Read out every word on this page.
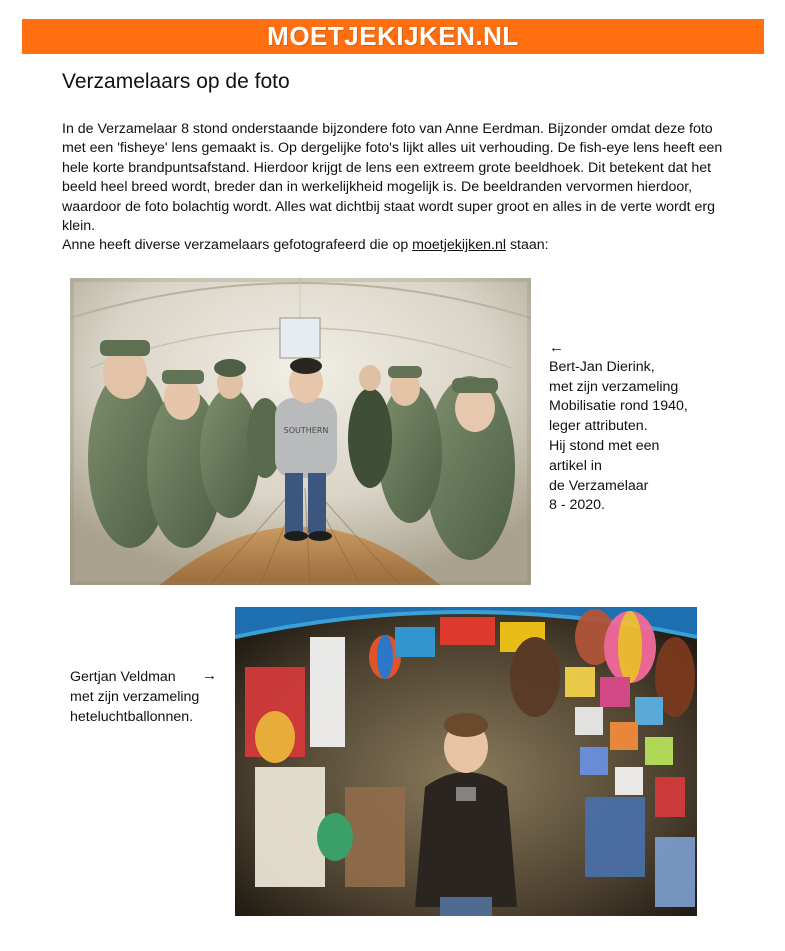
MOETJEKIJKEN.NL
Verzamelaars op de foto

In de Verzamelaar 8 stond onderstaande bijzondere foto van Anne Eerdman. Bijzonder omdat deze foto met een 'fisheye' lens gemaakt is. Op dergelijke foto's lijkt alles uit verhouding. De fish-eye lens heeft een hele korte brandpuntsafstand. Hierdoor krijgt de lens een extreem grote beeldhoek. Dit betekent dat het beeld heel breed wordt, breder dan in werkelijkheid mogelijk is. De beeldranden vervormen hierdoor, waardoor de foto bolachtig wordt. Alles wat dichtbij staat wordt super groot en alles in de verte wordt erg klein.

Anne heeft diverse verzamelaars gefotografeerd die op moetjekijken.nl staan:

SOUTHERN
←
Bert-Jan Dierink,
met zijn verzameling
Mobilisatie rond 1940,
leger attributen.
Hij stond met een
artikel in
de Verzamelaar
8 - 2020.
→
Gertjan Veldman
met zijn verzameling
heteluchtballonnen.
